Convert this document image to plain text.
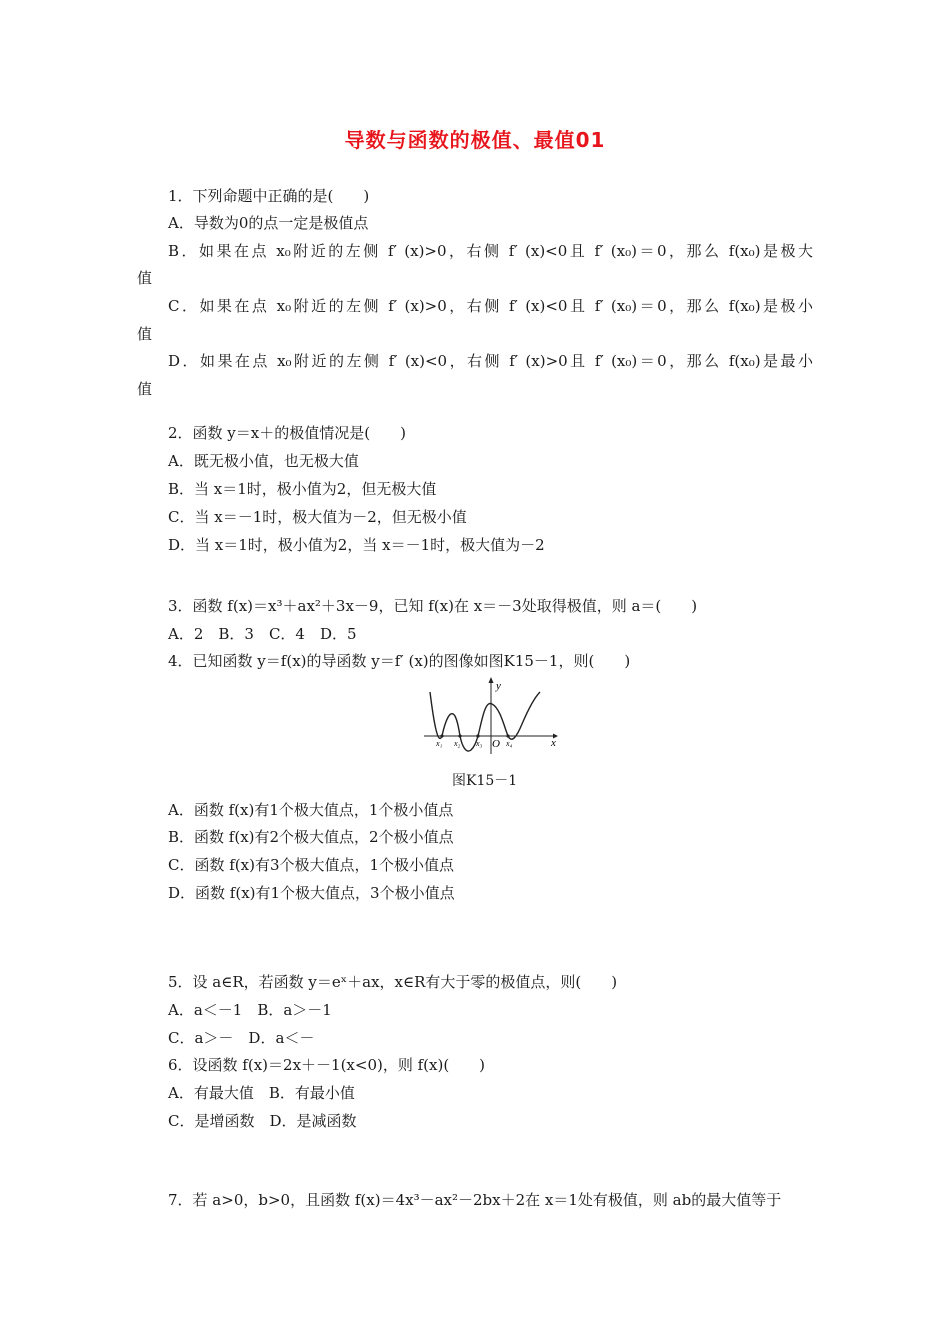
导数与函数的极值、最值01
1．下列命题中正确的是(　　)
A．导数为0的点一定是极值点
B．如果在点 x₀附近的左侧 f′ (x)>0，右侧 f′ (x)<0且 f′ (x₀)＝0，那么 f(x₀)是极大
值
C．如果在点 x₀附近的左侧 f′ (x)>0，右侧 f′ (x)<0且 f′ (x₀)＝0，那么 f(x₀)是极小
值
D．如果在点 x₀附近的左侧 f′ (x)<0，右侧 f′ (x)>0且 f′ (x₀)＝0，那么 f(x₀)是最小
值
2．函数 y＝x＋的极值情况是(　　)
A．既无极小值，也无极大值
B．当 x＝1时，极小值为2，但无极大值
C．当 x＝－1时，极大值为－2，但无极小值
D．当 x＝1时，极小值为2，当 x＝－1时，极大值为－2
3．函数 f(x)＝x³＋ax²＋3x－9，已知 f(x)在 x＝－3处取得极值，则 a＝(　　)
A．2　B．3　C．4　D．5
4．已知函数 y＝f(x)的导函数 y＝f′ (x)的图像如图K15－1，则(　　)
y
x
O
x₁ x₂ x₃	x₄
图K15－1
A．函数 f(x)有1个极大值点，1个极小值点
B．函数 f(x)有2个极大值点，2个极小值点
C．函数 f(x)有3个极大值点，1个极小值点
D．函数 f(x)有1个极大值点，3个极小值点
5．设 a∈R，若函数 y＝eˣ＋ax，x∈R有大于零的极值点，则(　　)
A．a＜－1　B．a＞－1
C．a＞－　D．a＜－
6．设函数 f(x)＝2x＋－1(x<0)，则 f(x)(　　)
A．有最大值　B．有最小值
C．是增函数　D．是减函数
7．若 a>0，b>0，且函数 f(x)＝4x³－ax²－2bx＋2在 x＝1处有极值，则 ab的最大值等于
